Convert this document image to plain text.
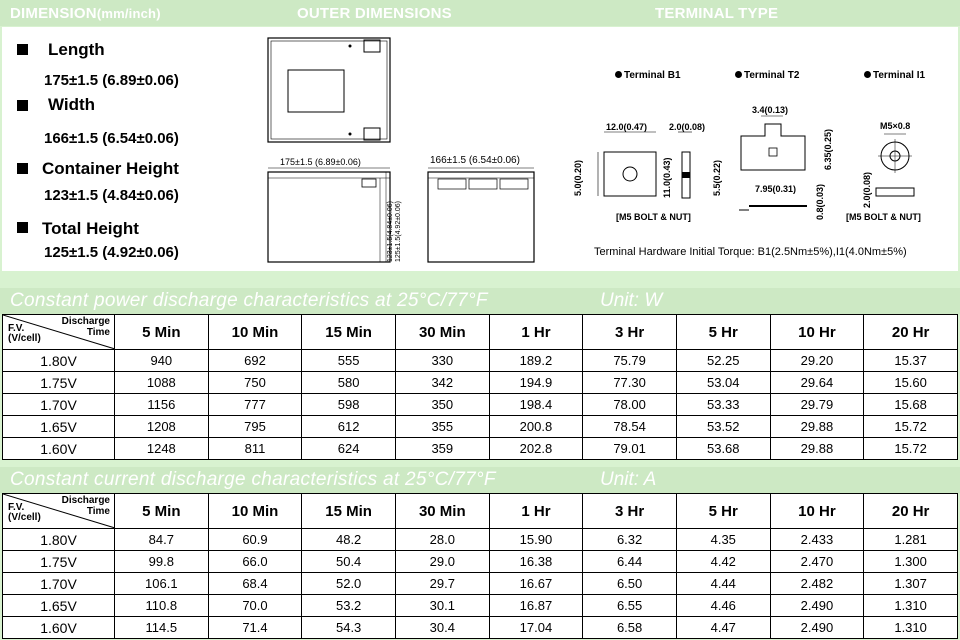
DIMENSION(mm/inch)	OUTER DIMENSIONS	TERMINAL TYPE
Length
175±1.5 (6.89±0.06)
Width
166±1.5 (6.54±0.06)
Container Height
123±1.5 (4.84±0.06)
Total Height
125±1.5 (4.92±0.06)
175±1.5 (6.89±0.06)
123±1.5(4.84±0.06) 125±1.5(4.92±0.06)
166±1.5 (6.54±0.06)
Terminal B1	Terminal T2	Terminal I1
12.0(0.47) 2.0(0.08)
5.0(0.20)	11.0(0.43)	5.5(0.22)
[M5 BOLT & NUT]
3.4(0.13)
6.35(0.25)
7.95(0.31) 0.8(0.03)
M5×0.8
2.0(0.08)
[M5 BOLT & NUT]
Terminal Hardware Initial Torque: B1(2.5Nm±5%),I1(4.0Nm±5%)
Constant power discharge characteristics at 25°C/77°F	Unit: W
Discharge
Time
F.V.
(V/cell)	5 Min	10 Min	15 Min	30 Min	1 Hr	3 Hr	5 Hr	10 Hr	20 Hr
1.80V	940	692	555	330	189.2	75.79	52.25	29.20	15.37
1.75V	1088	750	580	342	194.9	77.30	53.04	29.64	15.60
1.70V	1156	777	598	350	198.4	78.00	53.33	29.79	15.68
1.65V	1208	795	612	355	200.8	78.54	53.52	29.88	15.72
1.60V	1248	811	624	359	202.8	79.01	53.68	29.88	15.72
Constant current discharge characteristics at 25°C/77°F	Unit: A
Discharge
Time
F.V.
(V/cell)	5 Min	10 Min	15 Min	30 Min	1 Hr	3 Hr	5 Hr	10 Hr	20 Hr
1.80V	84.7	60.9	48.2	28.0	15.90	6.32	4.35	2.433	1.281
1.75V	99.8	66.0	50.4	29.0	16.38	6.44	4.42	2.470	1.300
1.70V	106.1	68.4	52.0	29.7	16.67	6.50	4.44	2.482	1.307
1.65V	110.8	70.0	53.2	30.1	16.87	6.55	4.46	2.490	1.310
1.60V	114.5	71.4	54.3	30.4	17.04	6.58	4.47	2.490	1.310
